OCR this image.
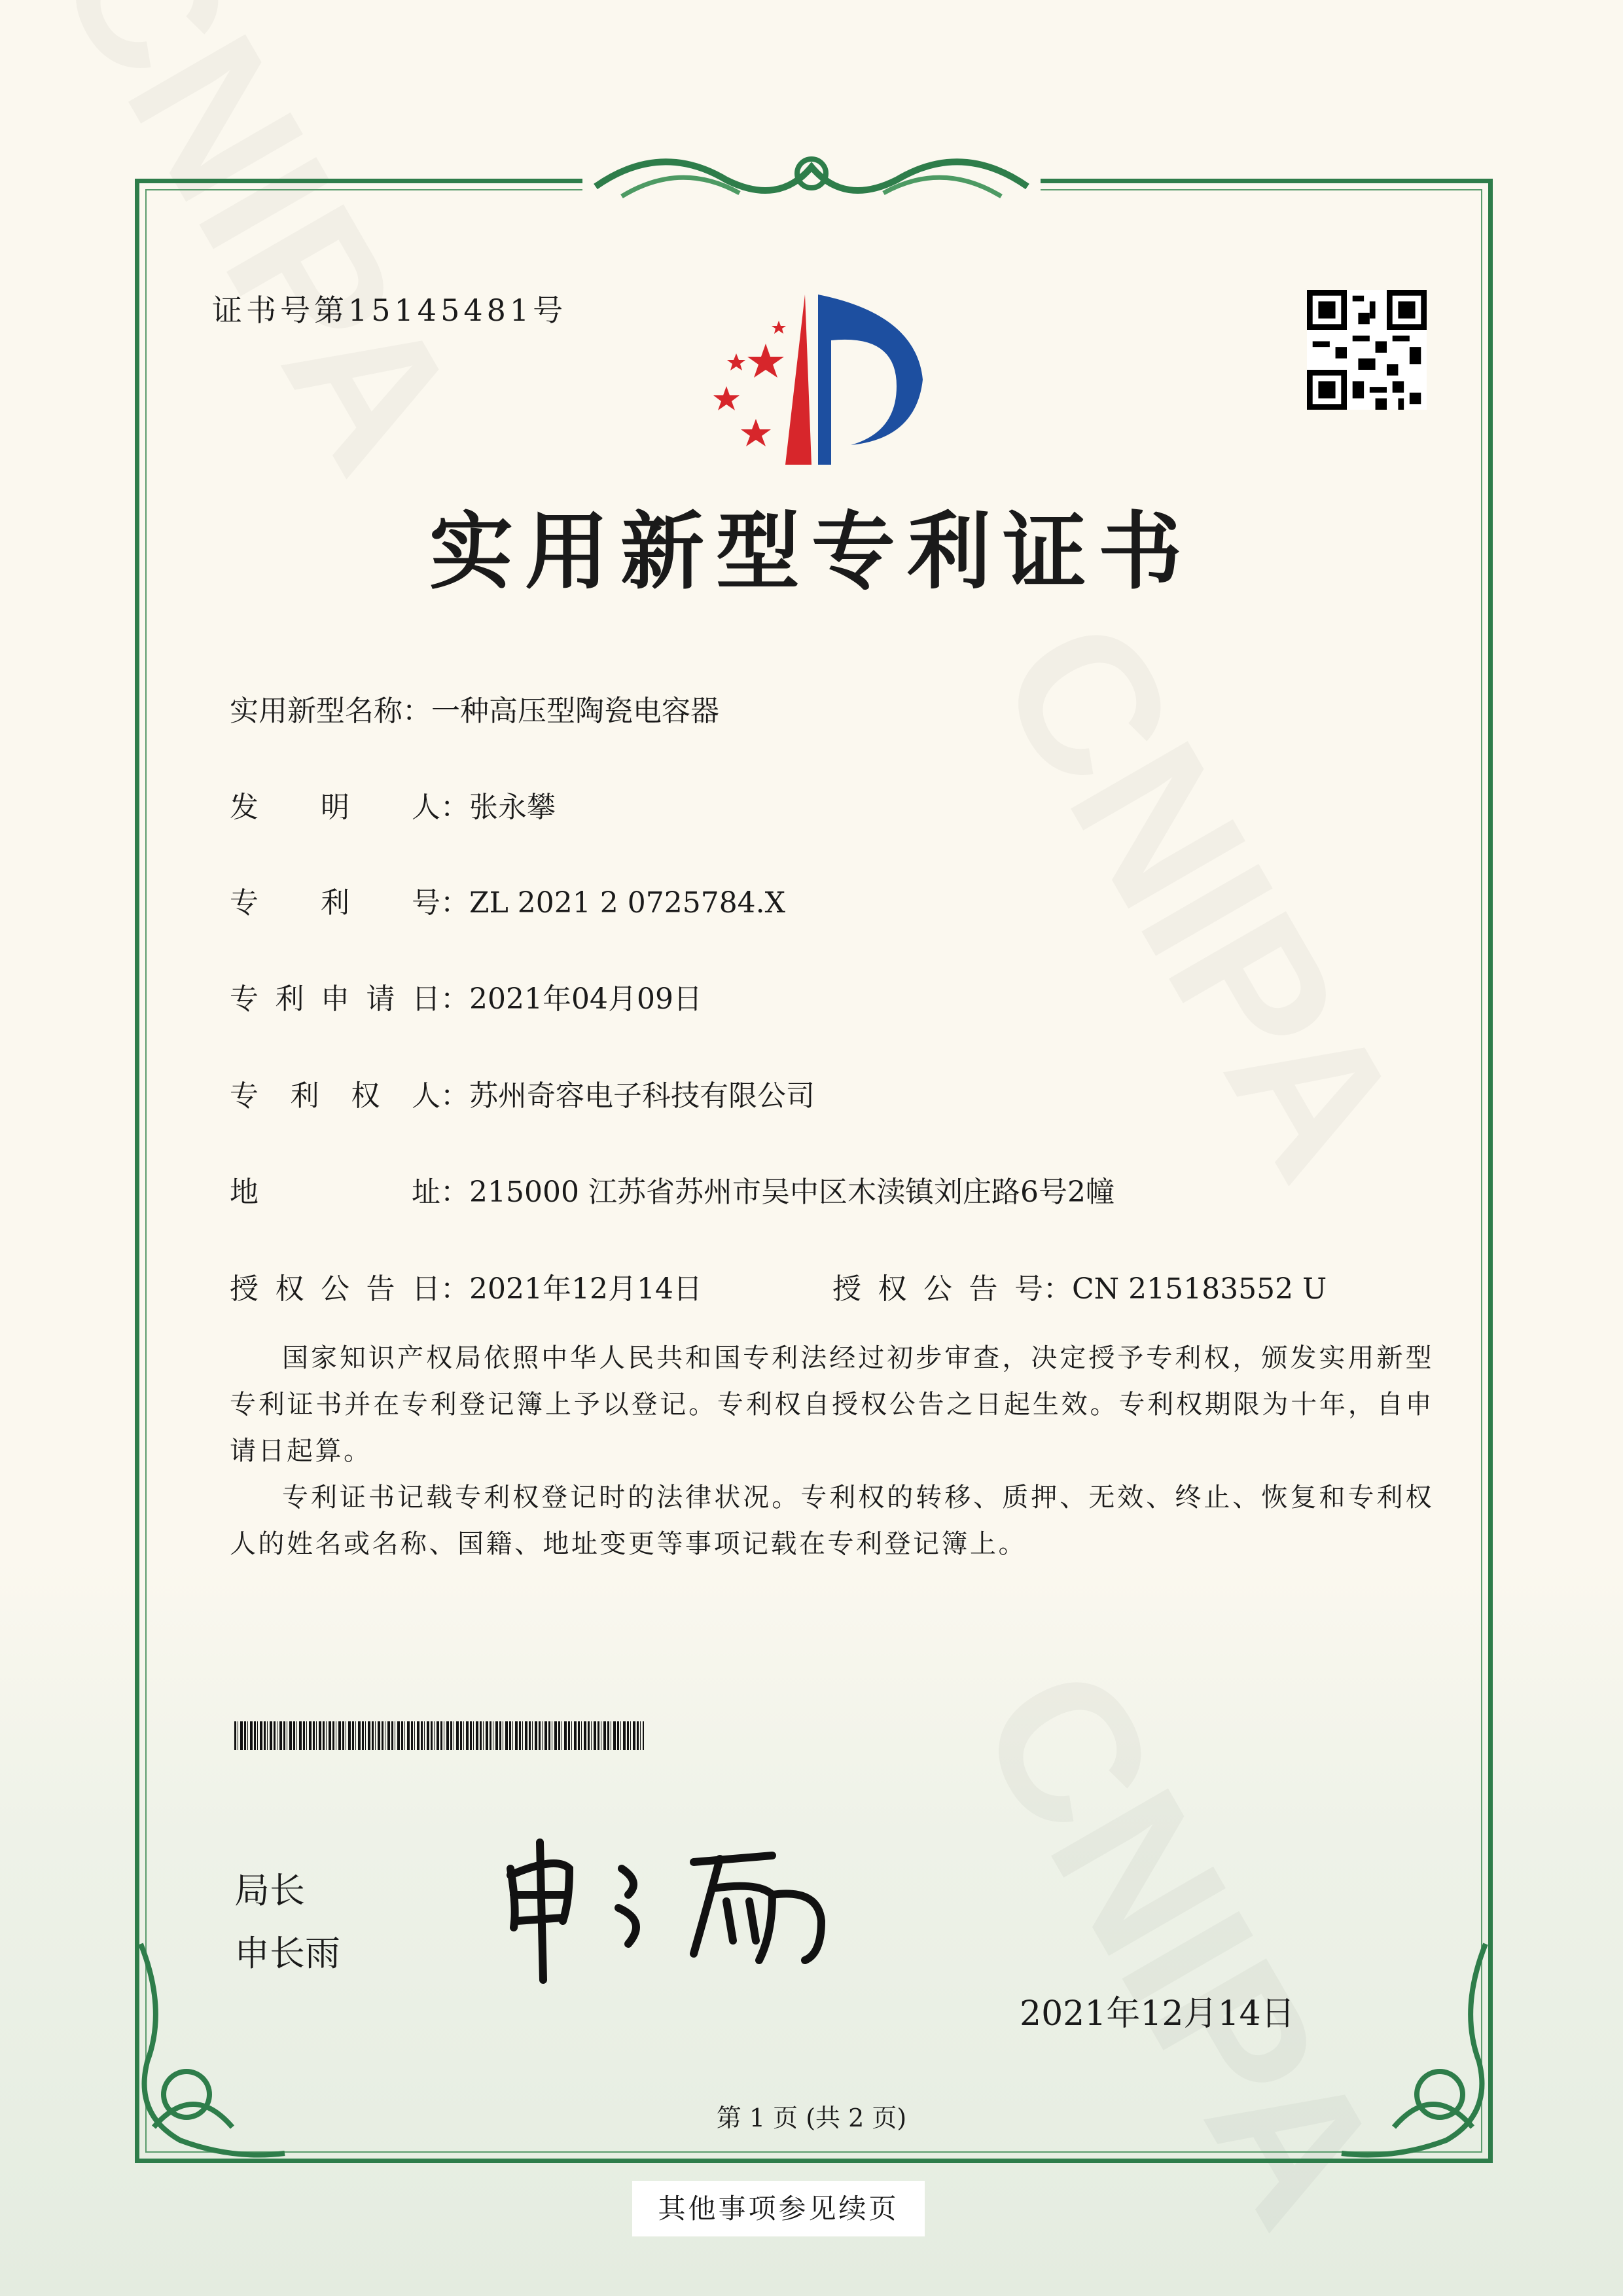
证书号第15145481号
实用新型专利证书
实用新型名称：一种高压型陶瓷电容器
发明人：张永攀
专利号：ZL 2021 2 0725784.X
专利申请日：2021年04月09日
专利权人：苏州奇容电子科技有限公司
地址：215000 江苏省苏州市吴中区木渎镇刘庄路6号2幢
授权公告日：2021年12月14日	授权公告号：CN 215183552 U

国家知识产权局依照中华人民共和国专利法经过初步审查，决定授予专利权，颁发实用新型专利证书并在专利登记簿上予以登记。专利权自授权公告之日起生效。专利权期限为十年，自申请日起算。

专利证书记载专利权登记时的法律状况。专利权的转移、质押、无效、终止、恢复和专利权人的姓名或名称、国籍、地址变更等事项记载在专利登记簿上。

局长
申长雨
2021年12月14日
第 1 页 (共 2 页)
其他事项参见续页
